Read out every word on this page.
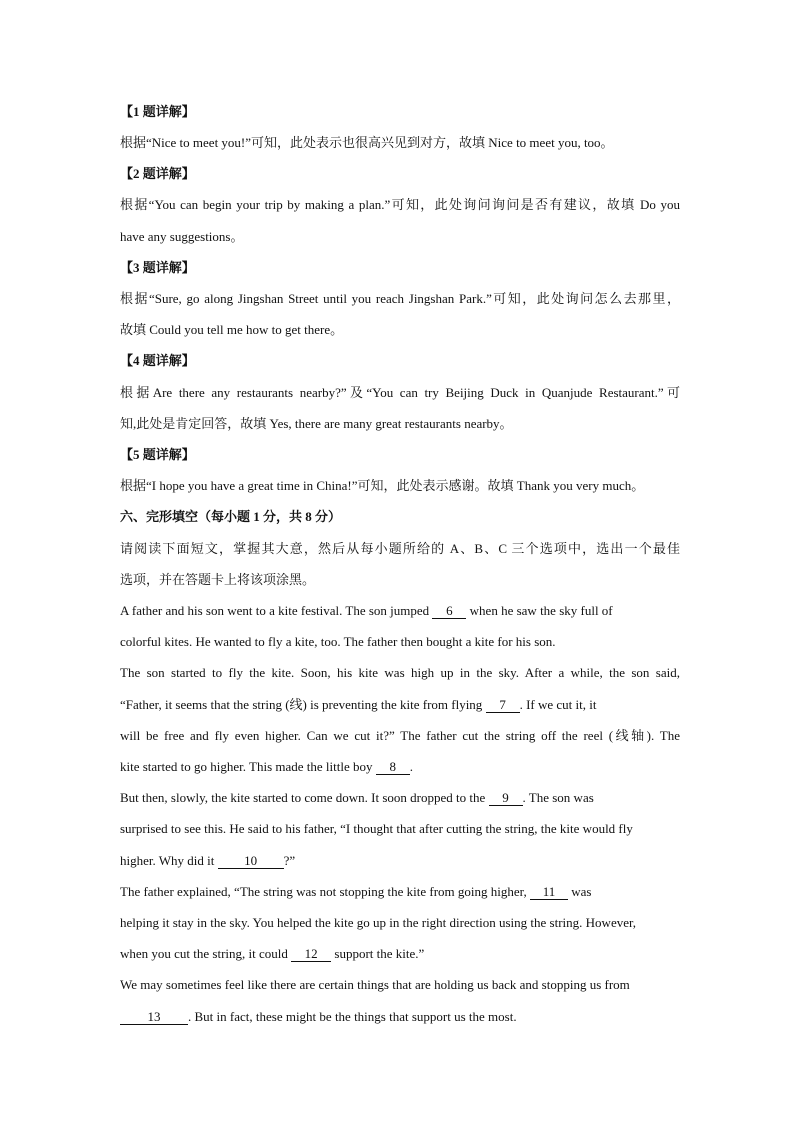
【1 题详解】
根据“Nice to meet you!”可知，此处表示也很高兴见到对方，故填 Nice to meet you, too。
【2 题详解】
根据“You can begin your trip by making a plan.”可知，此处询问询问是否有建议，故填 Do you
have any suggestions。
【3 题详解】
根据“Sure, go along Jingshan Street until you reach Jingshan Park.”可知，此处询问怎么去那里，
故填 Could you tell me how to get there。
【4 题详解】
根据Are there any restaurants nearby?”及“You can try Beijing Duck in Quanjude Restaurant.”可
知,此处是肯定回答，故填 Yes, there are many great restaurants nearby。
【5 题详解】
根据“I hope you have a great time in China!”可知，此处表示感谢。故填 Thank you very much。
六、完形填空（每小题 1 分，共 8 分）
请阅读下面短文，掌握其大意，然后从每小题所给的 A、B、C 三个选项中，选出一个最佳
选项，并在答题卡上将该项涂黑。
A father and his son went to a kite festival. The son jumped 6 when he saw the sky full of
colorful kites. He wanted to fly a kite, too. The father then bought a kite for his son.
The son started to fly the kite. Soon, his kite was high up in the sky. After a while, the son said,
“Father, it seems that the string (线) is preventing the kite from flying 7 . If we cut it, it
will be free and fly even higher. Can we cut it?” The father cut the string off the reel (线轴). The
kite started to go higher. This made the little boy 8 .
But then, slowly, the kite started to come down. It soon dropped to the 9 . The son was
surprised to see this. He said to his father, “I thought that after cutting the string, the kite would fly
higher. Why did it 10 ?”
The father explained, “The string was not stopping the kite from going higher, 11 was
helping it stay in the sky. You helped the kite go up in the right direction using the string. However,
when you cut the string, it could 12 support the kite.”
We may sometimes feel like there are certain things that are holding us back and stopping us from
13 . But in fact, these might be the things that support us the most.
